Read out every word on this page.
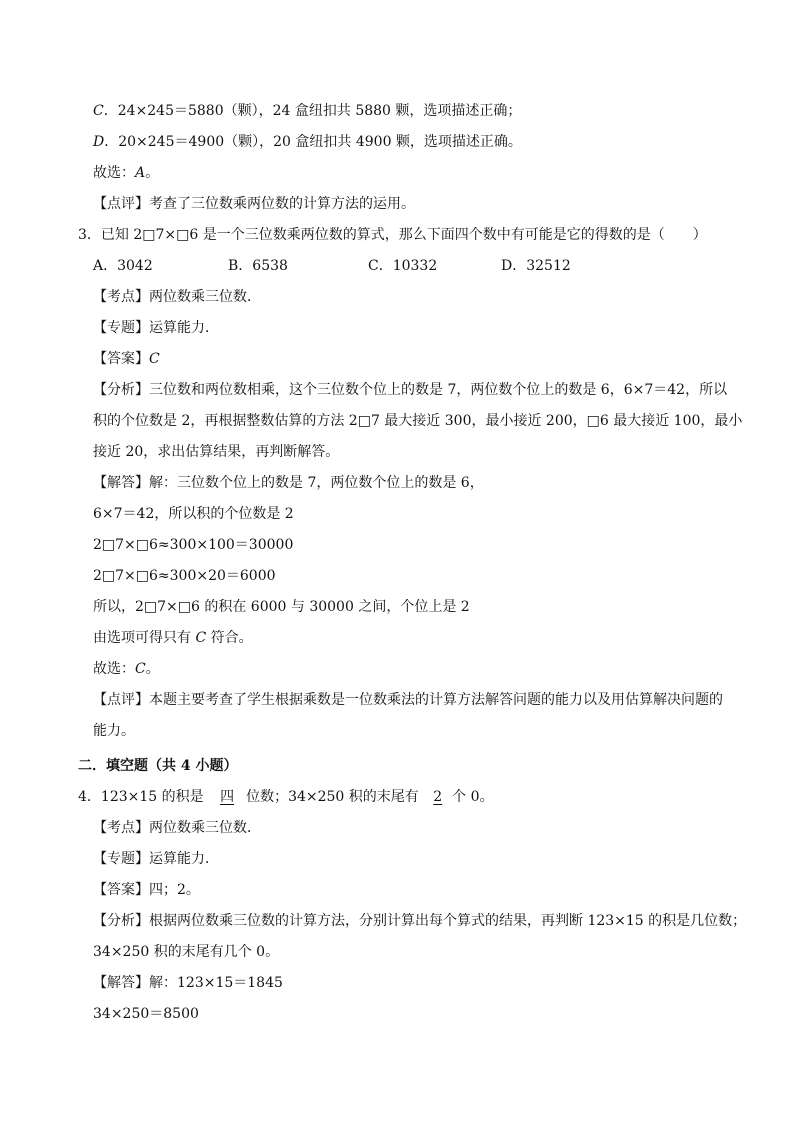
C．24×245＝5880（颗），24 盒纽扣共 5880 颗，选项描述正确；
D．20×245＝4900（颗），20 盒纽扣共 4900 颗，选项描述正确。
故选：A。
【点评】考查了三位数乘两位数的计算方法的运用。
3．已知 2□7×□6 是一个三位数乘两位数的算式，那么下面四个数中有可能是它的得数的是（　　）
A．3042	B．6538	C．10332	D．32512
【考点】两位数乘三位数．
【专题】运算能力．
【答案】C
【分析】三位数和两位数相乘，这个三位数个位上的数是 7，两位数个位上的数是 6，6×7＝42，所以
积的个位数是 2，再根据整数估算的方法 2□7 最大接近 300，最小接近 200，□6 最大接近 100，最小
接近 20，求出估算结果，再判断解答。
【解答】解：三位数个位上的数是 7，两位数个位上的数是 6，
6×7＝42，所以积的个位数是 2
2□7×□6≈300×100＝30000
2□7×□6≈300×20＝6000
所以，2□7×□6 的积在 6000 与 30000 之间，个位上是 2
由选项可得只有 C 符合。
故选：C。
【点评】本题主要考查了学生根据乘数是一位数乘法的计算方法解答问题的能力以及用估算解决问题的
能力。
二．填空题（共 4 小题）
4．123×15 的积是 四 位数；34×250 积的末尾有 2 个 0。
【考点】两位数乘三位数．
【专题】运算能力．
【答案】四；2。
【分析】根据两位数乘三位数的计算方法，分别计算出每个算式的结果，再判断 123×15 的积是几位数；
34×250 积的末尾有几个 0。
【解答】解：123×15＝1845
34×250＝8500
